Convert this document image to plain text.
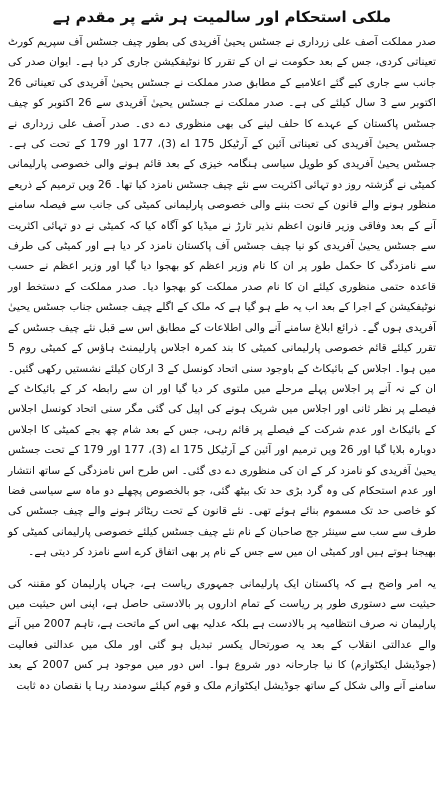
ملکی استحکام اور سالمیت ہر شے پر مقدم ہے

صدر مملکت آصف علی زرداری نے جسٹس یحییٰ آفریدی کی بطور چیف جسٹس آف سپریم کورٹ تعیناتی کردی، جس کے بعد حکومت نے ان کے تقرر کا نوٹیفکیشن جاری کر دیا ہے۔ ایوان صدر کی جانب سے جاری کیے گئے اعلامیے کے مطابق صدر مملکت نے جسٹس یحییٰ آفریدی کی تعیناتی 26 اکتوبر سے 3 سال کیلئے کی ہے۔ صدر مملکت نے جسٹس یحییٰ آفریدی سے 26 اکتوبر کو چیف جسٹس پاکستان کے عہدے کا حلف لینے کی بھی منظوری دے دی۔ صدر آصف علی زرداری نے جسٹس یحییٰ آفریدی کی تعیناتی آئین کے آرٹیکل 175 اے (3)، 177 اور 179 کے تحت کی ہے۔ جسٹس یحییٰ آفریدی کو طویل سیاسی ہنگامہ خیزی کے بعد قائم ہونے والی خصوصی پارلیمانی کمیٹی نے گزشتہ روز دو تہائی اکثریت سے نئے چیف جسٹس نامزد کیا تھا۔ 26 ویں ترمیم کے ذریعے منظور ہونے والے قانون کے تحت بننے والی خصوصی پارلیمانی کمیٹی کی جانب سے فیصلہ سامنے آنے کے بعد وفاقی وزیر قانون اعظم نذیر تارڑ نے میڈیا کو آگاہ کیا کہ کمیٹی نے دو تہائی اکثریت سے جسٹس یحییٰ آفریدی کو نیا چیف جسٹس آف پاکستان نامزد کر دیا ہے اور کمیٹی کی طرف سے نامزدگی کا حکمل طور پر ان کا نام وزیر اعظم کو بھجوا دیا گیا اور وزیر اعظم نے حسب قاعدہ حتمی منظوری کیلئے ان کا نام صدر مملکت کو بھجوا دیا۔ صدر مملکت کے دستخط اور نوٹیفکیشن کے اجرا کے بعد اب یہ طے ہو گیا ہے کہ ملک کے اگلے چیف جسٹس جناب جسٹس یحییٰ آفریدی ہوں گے۔ ذرائع ابلاغ سامنے آنے والی اطلاعات کے مطابق اس سے قبل نئے چیف جسٹس کے تقرر کیلئے قائم خصوصی پارلیمانی کمیٹی کا بند کمرہ اجلاس پارلیمنٹ ہاؤس کے کمیٹی روم 5 میں ہوا۔ اجلاس کے بائیکاٹ کے باوجود سنی اتحاد کونسل کے 3 ارکان کیلئے نشستیں رکھی گئیں۔ ان کے نہ آنے پر اجلاس پہلے مرحلے میں ملتوی کر دیا گیا اور ان سے رابطہ کر کے بائیکاٹ کے فیصلے پر نظر ثانی اور اجلاس میں شریک ہونے کی اپیل کی گئی مگر سنی اتحاد کونسل اجلاس کے بائیکاٹ اور عدم شرکت کے فیصلے پر قائم رہی، جس کے بعد شام چھ بجے کمیٹی کا اجلاس دوبارہ بلایا گیا اور 26 ویں ترمیم اور آئین کے آرٹیکل 175 اے (3)، 177 اور 179 کے تحت جسٹس یحییٰ آفریدی کو نامزد کر کے ان کی منظوری دے دی گئی۔ اس طرح اس نامزدگی کے ساتھ انتشار اور عدم استحکام کی وہ گرد بڑی حد تک بیٹھ گئی، جو بالخصوص پچھلے دو ماہ سے سیاسی فضا کو خاصی حد تک مسموم بنائے ہوئے تھی۔ نئے قانون کے تحت ریٹائر ہونے والے چیف جسٹس کی طرف سے سب سے سینئر جج صاحبان کے نام نئے چیف جسٹس کیلئے خصوصی پارلیمانی کمیٹی کو بھیجنا ہوتے ہیں اور کمیٹی ان میں سے جس کے نام پر بھی اتفاق کرے اسے نامزد کر دیتی ہے۔

یہ امر واضح ہے کہ پاکستان ایک پارلیمانی جمہوری ریاست ہے، جہاں پارلیمان کو مقننہ کی حیثیت سے دستوری طور پر ریاست کے تمام اداروں پر بالادستی حاصل ہے، اپنی اس حیثیت میں پارلیمان نہ صرف انتظامیہ پر بالادست ہے بلکہ عدلیہ بھی اس کے ماتحت ہے، تاہم 2007 میں آنے والے عدالتی انقلاب کے بعد یہ صورتحال یکسر تبدیل ہو گئی اور ملک میں عدالتی فعالیت (جوڈیشل ایکٹوازم) کا نیا جارحانہ دور شروع ہوا۔ اس دور میں موجود ہر کس 2007 کے بعد سامنے آنے والی شکل کے ساتھ جوڈیشل ایکٹوازم ملک و قوم کیلئے سودمند رہا یا نقصان دہ ثابت
